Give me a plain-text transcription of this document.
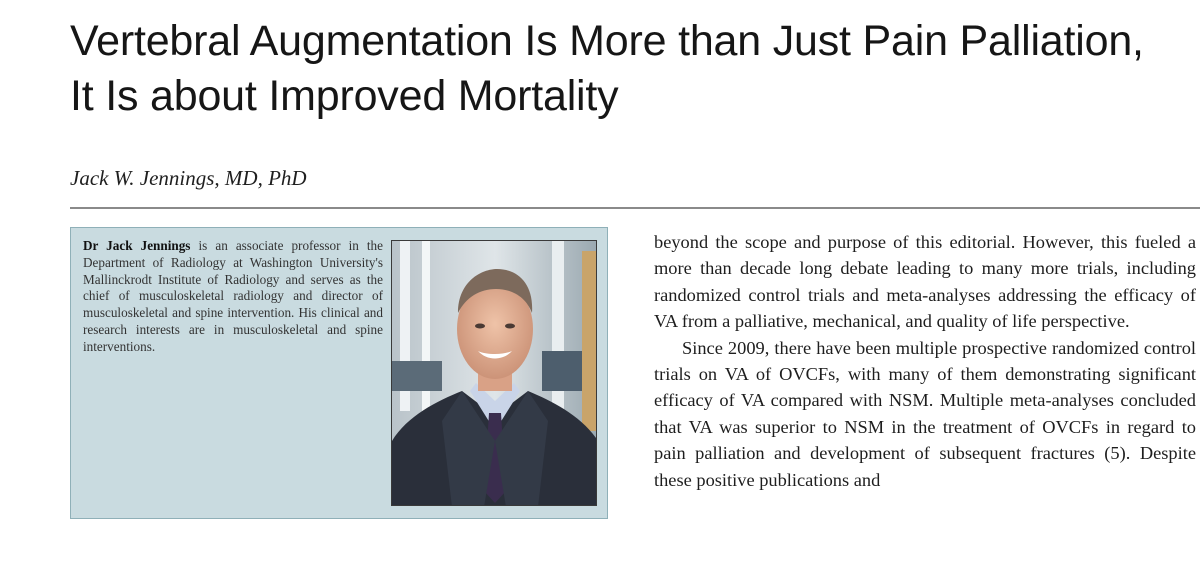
Vertebral Augmentation Is More than Just Pain Palliation,
It Is about Improved Mortality
Jack W. Jennings, MD, PhD
Dr Jack Jennings is an associate professor in the Department of Radiology at Washington University's Mallinckrodt Institute of Radiology and serves as the chief of musculoskeletal radiology and director of musculoskeletal and spine intervention. His clinical and research interests are in musculoskeletal and spine interventions.

beyond the scope and purpose of this editorial. However, this fueled a more than decade long debate leading to many more trials, including randomized control trials and meta-analyses addressing the efficacy of VA from a palliative, mechanical, and quality of life perspective.

Since 2009, there have been multiple prospective randomized control trials on VA of OVCFs, with many of them demonstrating significant efficacy of VA compared with NSM. Multiple meta-analyses concluded that VA was superior to NSM in the treatment of OVCFs in regard to pain palliation and development of subsequent fractures (5). Despite these positive publications and
